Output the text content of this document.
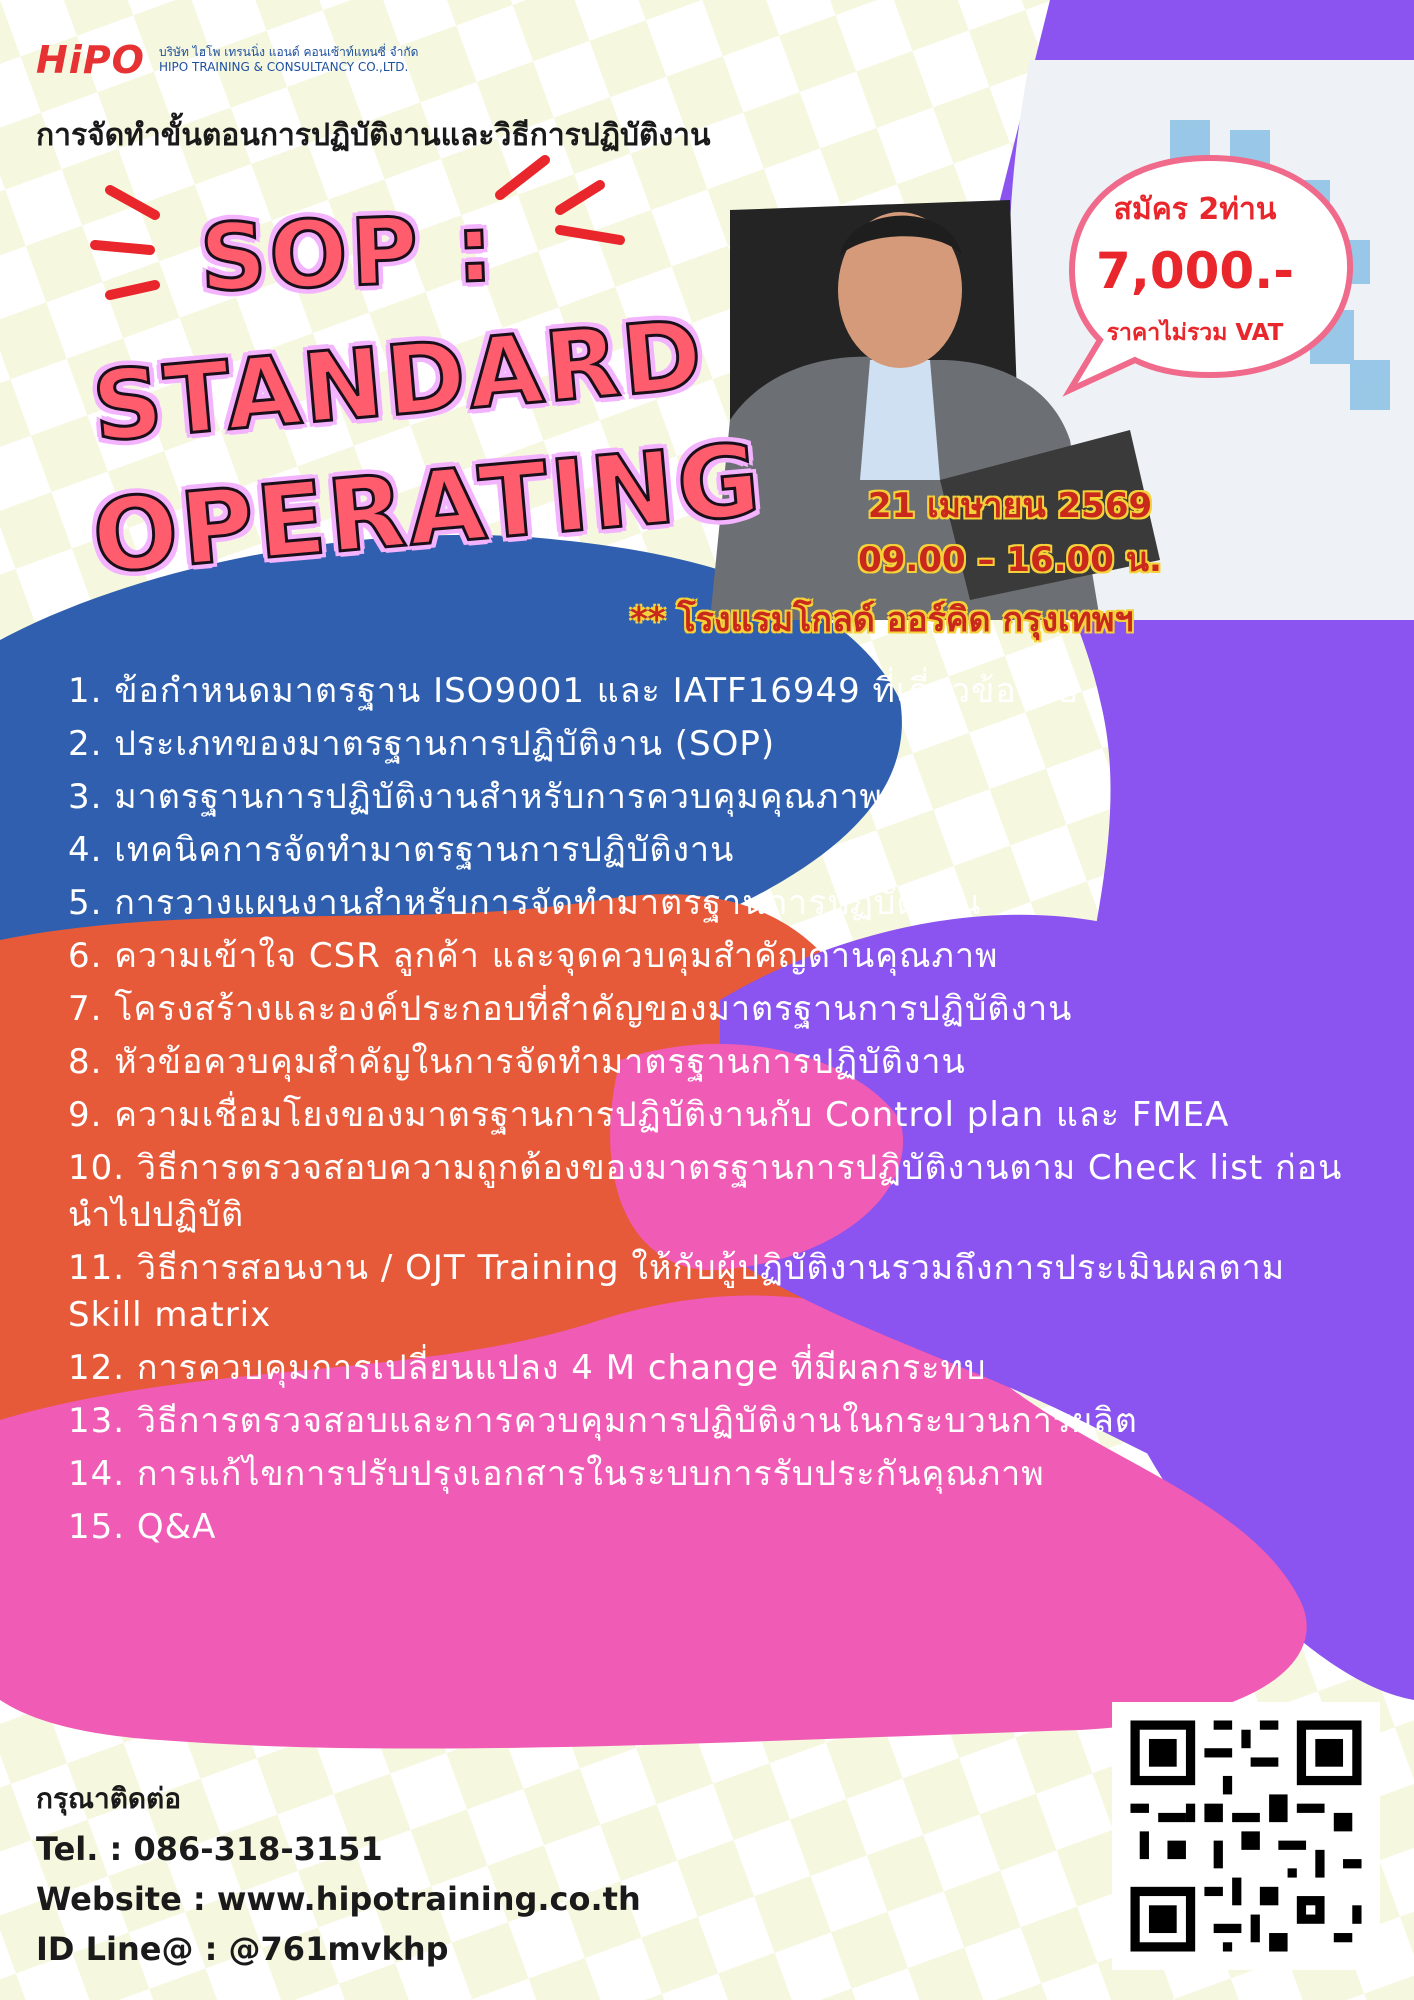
HiPO บริษัท ไฮโพ เทรนนิ่ง แอนด์ คอนเซ้าท์แทนซี่ จำกัด
HIPO TRAINING & CONSULTANCY CO.,LTD.
การจัดทำขั้นตอนการปฏิบัติงานและวิธีการปฏิบัติงาน
สมัคร 2ท่าน
7,000.-
ราคาไม่รวม VAT
SOP :
STANDARD
OPERATING	21 เมษายน 2569
09.00 – 16.00 น.
** โรงแรมโกลด์ ออร์คิด กรุงเทพฯ
1. ข้อกำหนดมาตรฐาน ISO9001 และ IATF16949 ที่เกี่ยวข้องกับ
2. ประเภทของมาตรฐานการปฏิบัติงาน (SOP)
3. มาตรฐานการปฏิบัติงานสำหรับการควบคุมคุณภาพ
4. เทคนิคการจัดทำมาตรฐานการปฏิบัติงาน
5. การวางแผนงานสำหรับการจัดทำมาตรฐานการปฏิบัติงาน
6. ความเข้าใจ CSR ลูกค้า และจุดควบคุมสำคัญด้านคุณภาพ
7. โครงสร้างและองค์ประกอบที่สำคัญของมาตรฐานการปฏิบัติงาน
8. หัวข้อควบคุมสำคัญในการจัดทำมาตรฐานการปฏิบัติงาน
9. ความเชื่อมโยงของมาตรฐานการปฏิบัติงานกับ Control plan และ FMEA
10. วิธีการตรวจสอบความถูกต้องของมาตรฐานการปฏิบัติงานตาม Check list ก่อนนำไปปฏิบัติ
11. วิธีการสอนงาน / OJT Training ให้กับผู้ปฏิบัติงานรวมถึงการประเมินผลตาม Skill matrix
12. การควบคุมการเปลี่ยนแปลง 4 M change ที่มีผลกระทบ
13. วิธีการตรวจสอบและการควบคุมการปฏิบัติงานในกระบวนการผลิต
14. การแก้ไขการปรับปรุงเอกสารในระบบการรับประกันคุณภาพ
15. Q&A
กรุณาติดต่อ
Tel. : 086-318-3151
Website : www.hipotraining.co.th
ID Line@ : @761mvkhp
